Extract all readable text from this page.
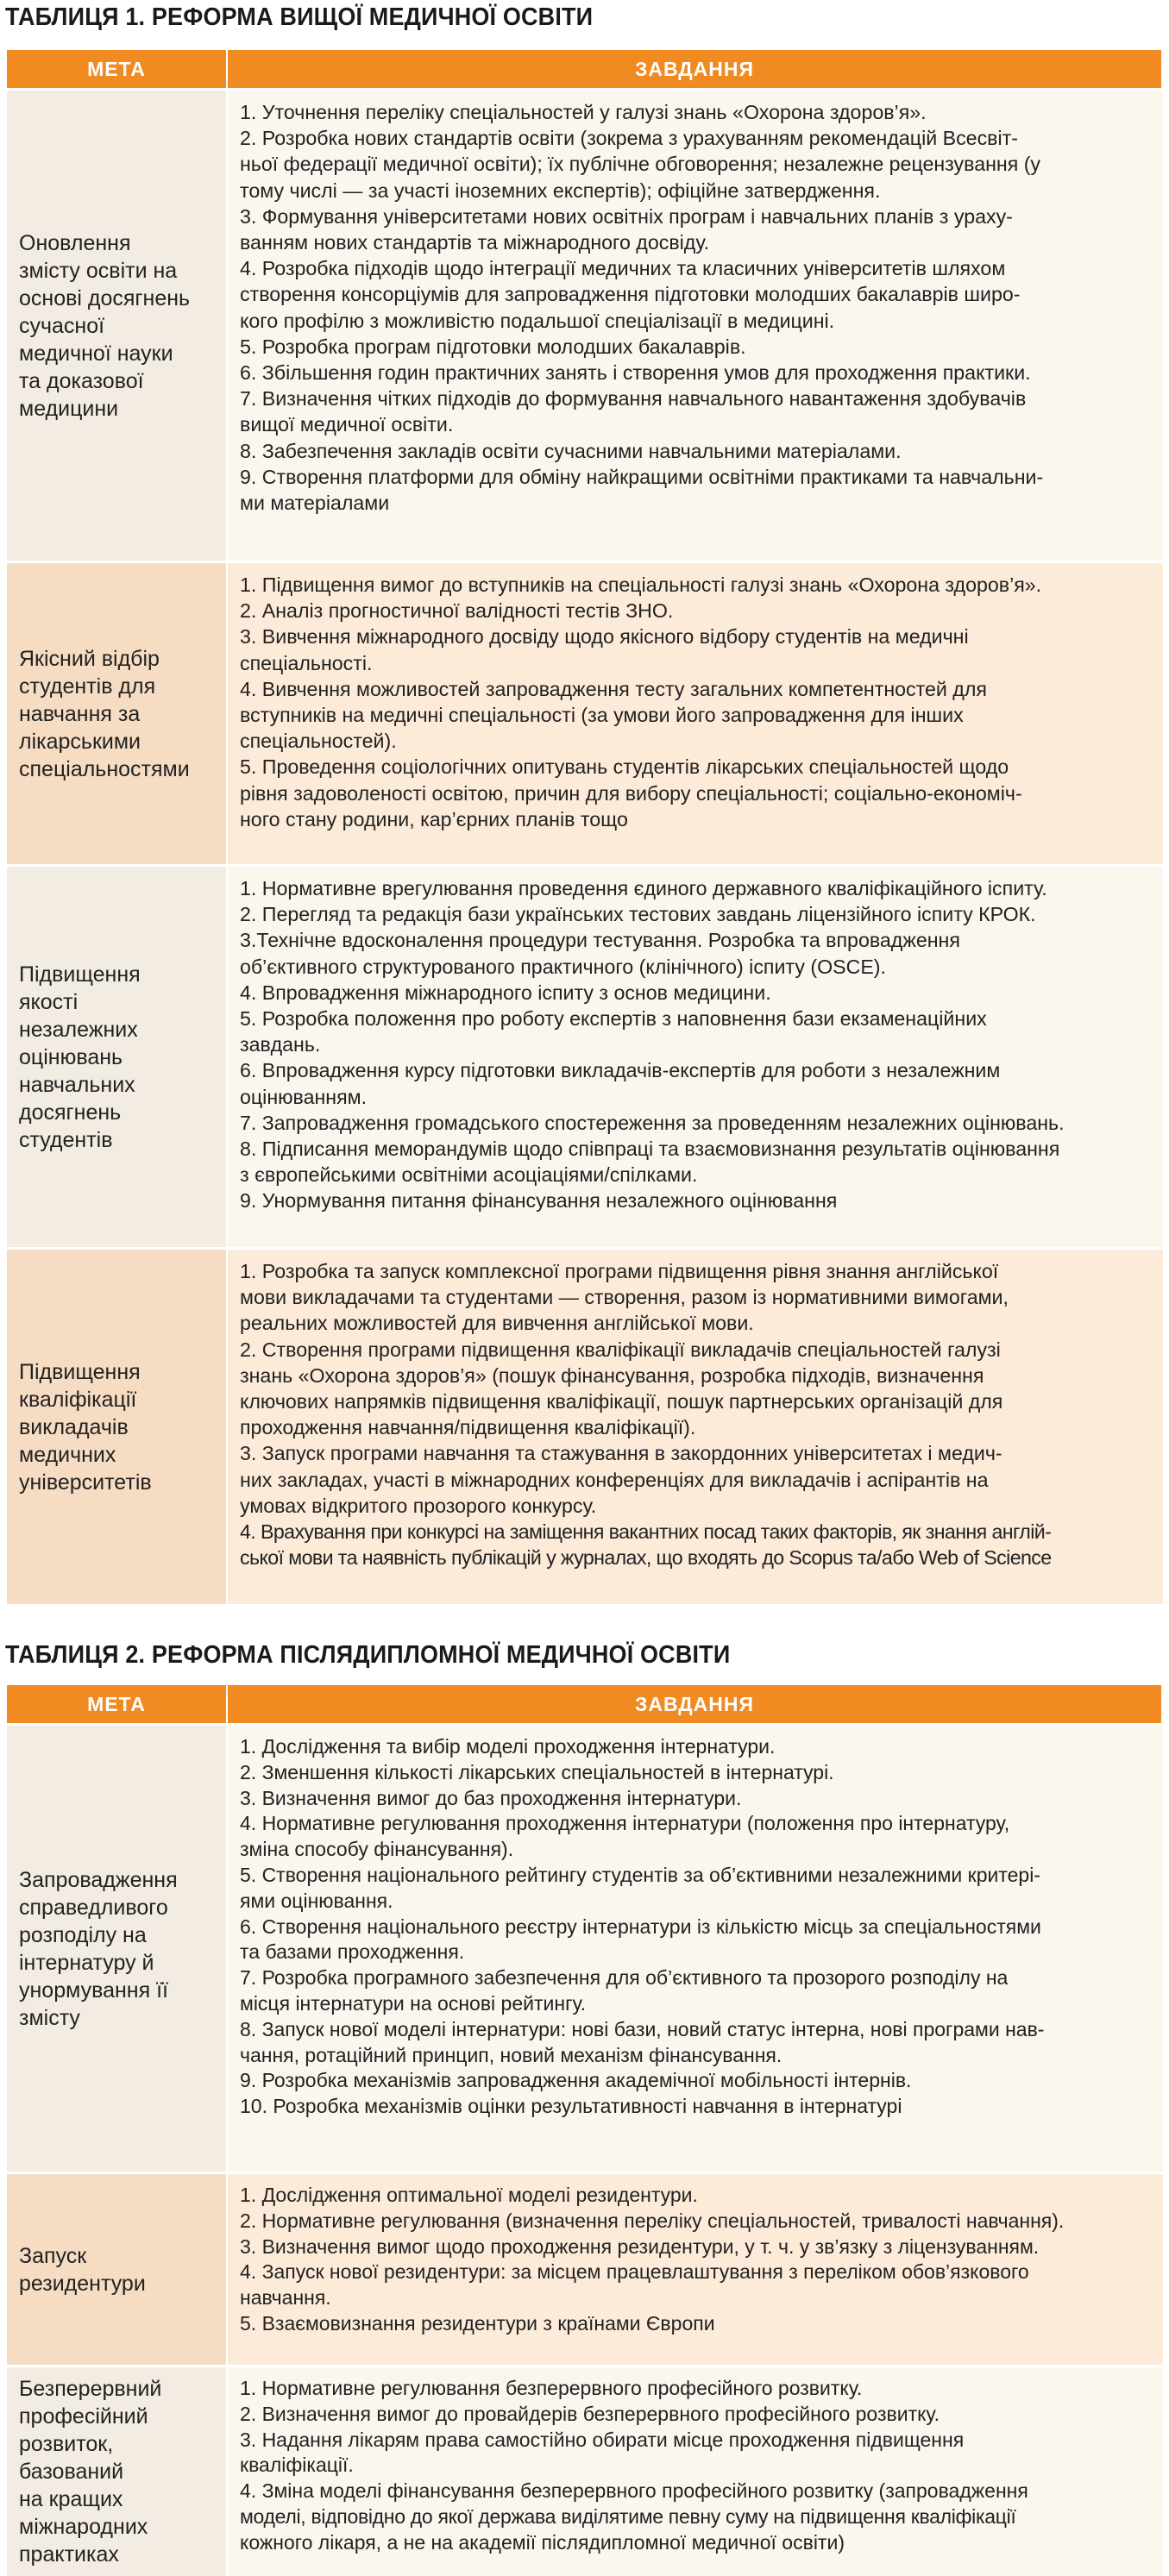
ТАБЛИЦЯ 1. РЕФОРМА ВИЩОЇ МЕДИЧНОЇ ОСВІТИ
МЕТА	ЗАВДАННЯ
Оновлення
змісту освіти на
основі досягнень
сучасної
медичної науки
та доказової
медицини

1. Уточнення переліку спеціальностей у галузі знань «Охорона здоров’я».

2. Розробка нових стандартів освіти (зокрема з урахуванням рекомендацій Всесвіт-

ньої федерації медичної освіти); їх публічне обговорення; незалежне рецензування (у

тому числі — за участі іноземних експертів); офіційне затвердження.

3. Формування університетами нових освітніх програм і навчальних планів з ураху-

ванням нових стандартів та міжнародного досвіду.

4. Розробка підходів щодо інтеграції медичних та класичних університетів шляхом

створення консорціумів для запровадження підготовки молодших бакалаврів широ-

кого профілю з можливістю подальшої спеціалізації в медицині.

5. Розробка програм підготовки молодших бакалаврів.

6. Збільшення годин практичних занять і створення умов для проходження практики.

7. Визначення чітких підходів до формування навчального навантаження здобувачів

вищої медичної освіти.

8. Забезпечення закладів освіти сучасними навчальними матеріалами.

9. Створення платформи для обміну найкращими освітніми практиками та навчальни-

ми матеріалами

Якісний відбір
студентів для
навчання за
лікарськими
спеціальностями

1. Підвищення вимог до вступників на спеціальності галузі знань «Охорона здоров’я».

2. Аналіз прогностичної валідності тестів ЗНО.

3. Вивчення міжнародного досвіду щодо якісного відбору студентів на медичні

спеціальності.

4. Вивчення можливостей запровадження тесту загальних компетентностей для

вступників на медичні спеціальності (за умови його запровадження для інших

спеціальностей).

5. Проведення соціологічних опитувань студентів лікарських спеціальностей щодо

рівня задоволеності освітою, причин для вибору спеціальності; соціально-економіч-

ного стану родини, кар’єрних планів тощо

Підвищення
якості
незалежних
оцінювань
навчальних
досягнень
студентів

1. Нормативне врегулювання проведення єдиного державного кваліфікаційного іспиту.

2. Перегляд та редакція бази українських тестових завдань ліцензійного іспиту КРОК.

3.Технічне вдосконалення процедури тестування. Розробка та впровадження

об’єктивного структурованого практичного (клінічного) іспиту (OSCE).

4. Впровадження міжнародного іспиту з основ медицини.

5. Розробка положення про роботу експертів з наповнення бази екзаменаційних

завдань.

6. Впровадження курсу підготовки викладачів-експертів для роботи з незалежним

оцінюванням.

7. Запровадження громадського спостереження за проведенням незалежних оцінювань.

8. Підписання меморандумів щодо співпраці та взаємовизнання результатів оцінювання

з європейськими освітніми асоціаціями/спілками.

9. Унормування питання фінансування незалежного оцінювання

Підвищення
кваліфікації
викладачів
медичних
університетів

1. Розробка та запуск комплексної програми підвищення рівня знання англійської

мови викладачами та студентами — створення, разом із нормативними вимогами,

реальних можливостей для вивчення англійської мови.

2. Створення програми підвищення кваліфікації викладачів спеціальностей галузі

знань «Охорона здоров’я» (пошук фінансування, розробка підходів, визначення

ключових напрямків підвищення кваліфікації, пошук партнерських організацій для

проходження навчання/підвищення кваліфікації).

3. Запуск програми навчання та стажування в закордонних університетах і медич-

них закладах, участі в міжнародних конференціях для викладачів і аспірантів на

умовах відкритого прозорого конкурсу.

4. Врахування при конкурсі на заміщення вакантних посад таких факторів, як знання англій-

ської мови та наявність публікацій у журналах, що входять до Scopus та/або Web of Science

ТАБЛИЦЯ 2. РЕФОРМА ПІСЛЯДИПЛОМНОЇ МЕДИЧНОЇ ОСВІТИ
МЕТА	ЗАВДАННЯ
Запровадження
справедливого
розподілу на
інтернатуру й
унормування її
змісту

1. Дослідження та вибір моделі проходження інтернатури.

2. Зменшення кількості лікарських спеціальностей в інтернатурі.

3. Визначення вимог до баз проходження інтернатури.

4. Нормативне регулювання проходження інтернатури (положення про інтернатуру,

зміна способу фінансування).

5. Створення національного рейтингу студентів за об’єктивними незалежними критері-

ями оцінювання.

6. Створення національного реєстру інтернатури із кількістю місць за спеціальностями

та базами проходження.

7. Розробка програмного забезпечення для об’єктивного та прозорого розподілу на

місця інтернатури на основі рейтингу.

8. Запуск нової моделі інтернатури: нові бази, новий статус інтерна, нові програми нав-

чання, ротаційний принцип, новий механізм фінансування.

9. Розробка механізмів запровадження академічної мобільності інтернів.

10. Розробка механізмів оцінки результативності навчання в інтернатурі

Запуск
резидентури

1. Дослідження оптимальної моделі резидентури.

2. Нормативне регулювання (визначення переліку спеціальностей, тривалості навчання).

3. Визначення вимог щодо проходження резидентури, у т. ч. у зв’язку з ліцензуванням.

4. Запуск нової резидентури: за місцем працевлаштування з переліком обов’язкового

навчання.

5. Взаємовизнання резидентури з країнами Європи

Безперервний
професійний
розвиток,
базований
на кращих
міжнародних
практиках

1. Нормативне регулювання безперервного професійного розвитку.

2. Визначення вимог до провайдерів безперервного професійного розвитку.

3. Надання лікарям права самостійно обирати місце проходження підвищення

кваліфікації.

4. Зміна моделі фінансування безперервного професійного розвитку (запровадження

моделі, відповідно до якої держава виділятиме певну суму на підвищення кваліфікації

кожного лікаря, а не на академії післядипломної медичної освіти)
